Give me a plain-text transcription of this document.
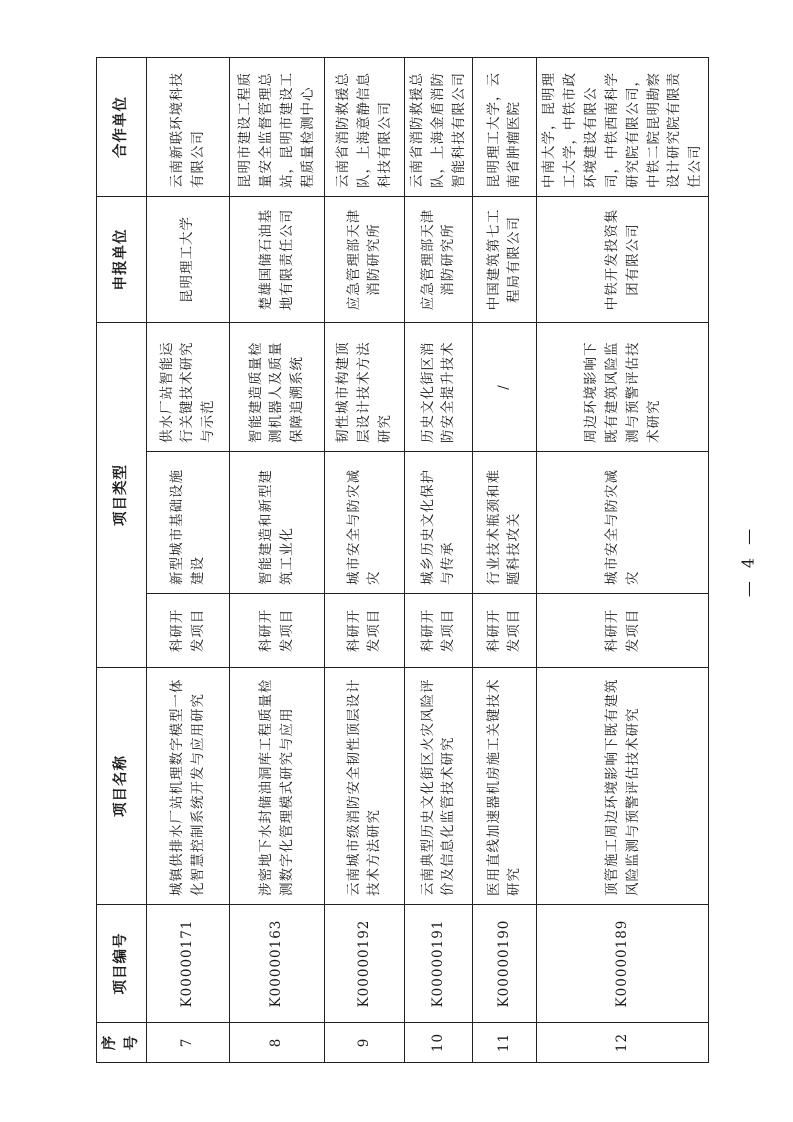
序号	项目编号	项目名称	项目类型			申报单位	合作单位
7	K00000171	城镇供排水厂站机理数字模型一体化智慧控制系统开发与应用研究	科研开发项目	新型城市基础设施建设	供水厂站智能运行关键技术研究与示范	昆明理工大学	云南新联环境科技有限公司
8	K00000163	涉密地下水封储油洞库工程质量检测数字化管理模式研究与应用	科研开发项目	智能建造和新型建筑工业化	智能建造质量检测机器人及质量保障追溯系统	楚雄国储石油基地有限责任公司	昆明市建设工程质量安全监督管理总站，昆明市建设工程质量检测中心
9	K00000192	云南城市级消防安全韧性顶层设计技术方法研究	科研开发项目	城市安全与防灾减灾	韧性城市构建顶层设计技术方法研究	应急管理部天津消防研究所	云南省消防救援总队，上海意静信息科技有限公司
10	K00000191	云南典型历史文化街区火灾风险评价及信息化监管技术研究	科研开发项目	城乡历史文化保护与传承	历史文化街区消防安全提升技术	应急管理部天津消防研究所	云南省消防救援总队，上海金盾消防智能科技有限公司
11	K00000190	医用直线加速器机房施工关键技术研究	科研开发项目	行业技术瓶颈和难题科技攻关	/	中国建筑第七工程局有限公司	昆明理工大学，云南省肿瘤医院
12	K00000189	顶管施工周边环境影响下既有建筑风险监测与预警评估技术研究	科研开发项目	城市安全与防灾减灾	周边环境影响下既有建筑风险监测与预警评估技术研究	中铁开发投资集团有限公司	中南大学，昆明理工大学，中铁市政环境建设有限公司，中铁西南科学研究院有限公司，中铁二院昆明勘察设计研究院有限责任公司
— 4 —
